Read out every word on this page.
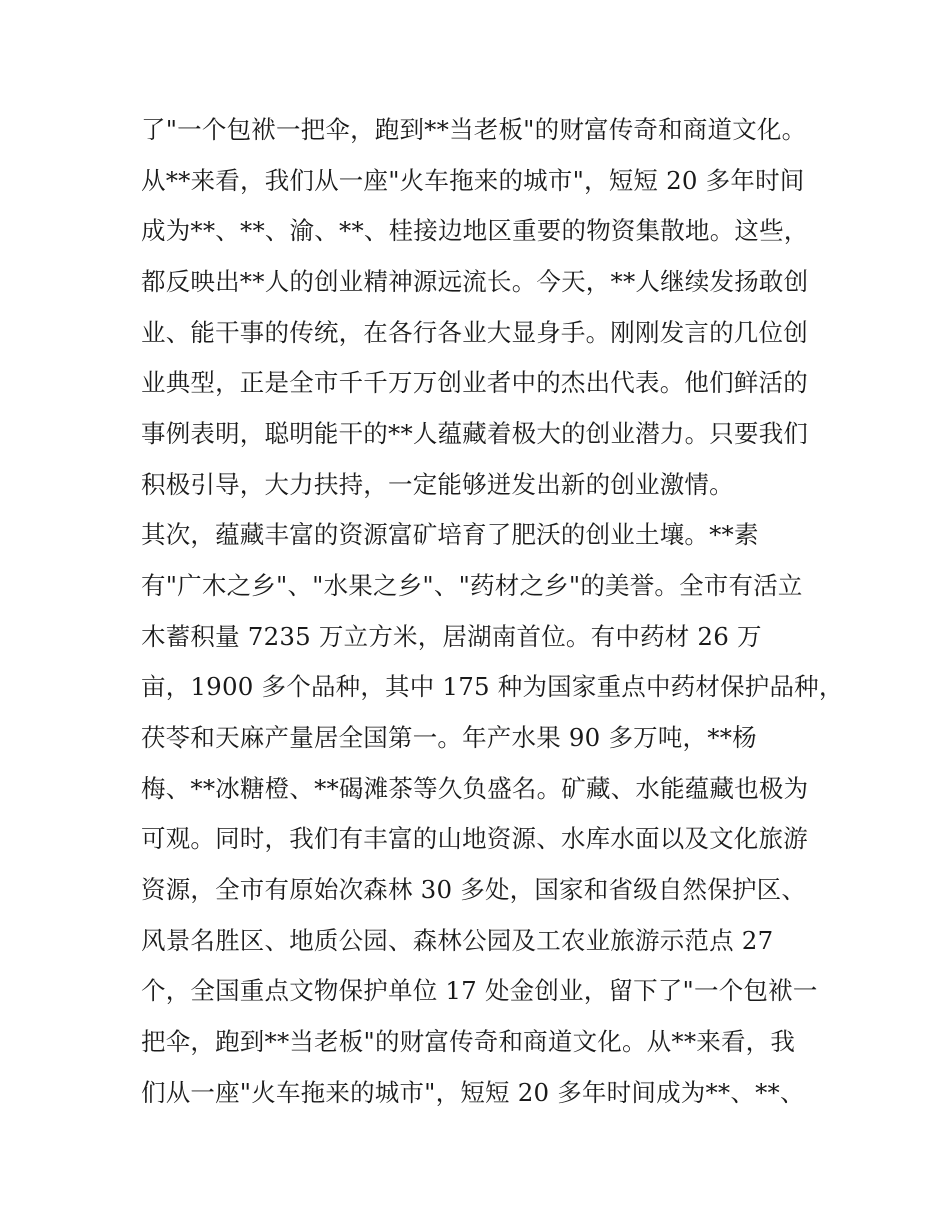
了"一个包袱一把伞，跑到**当老板"的财富传奇和商道文化。
从**来看，我们从一座"火车拖来的城市"，短短 20 多年时间
成为**、**、渝、**、桂接边地区重要的物资集散地。这些，
都反映出**人的创业精神源远流长。今天，**人继续发扬敢创
业、能干事的传统，在各行各业大显身手。刚刚发言的几位创
业典型，正是全市千千万万创业者中的杰出代表。他们鲜活的
事例表明，聪明能干的**人蕴藏着极大的创业潜力。只要我们
积极引导，大力扶持，一定能够迸发出新的创业激情。
其次，蕴藏丰富的资源富矿培育了肥沃的创业土壤。**素
有"广木之乡"、"水果之乡"、"药材之乡"的美誉。全市有活立
木蓄积量 7235 万立方米，居湖南首位。有中药材 26 万
亩，1900 多个品种，其中 175 种为国家重点中药材保护品种，
茯苓和天麻产量居全国第一。年产水果 90 多万吨，**杨
梅、**冰糖橙、**碣滩茶等久负盛名。矿藏、水能蕴藏也极为
可观。同时，我们有丰富的山地资源、水库水面以及文化旅游
资源，全市有原始次森林 30 多处，国家和省级自然保护区、
风景名胜区、地质公园、森林公园及工农业旅游示范点 27
个，全国重点文物保护单位 17 处金创业，留下了"一个包袱一
把伞，跑到**当老板"的财富传奇和商道文化。从**来看，我
们从一座"火车拖来的城市"，短短 20 多年时间成为**、**、
